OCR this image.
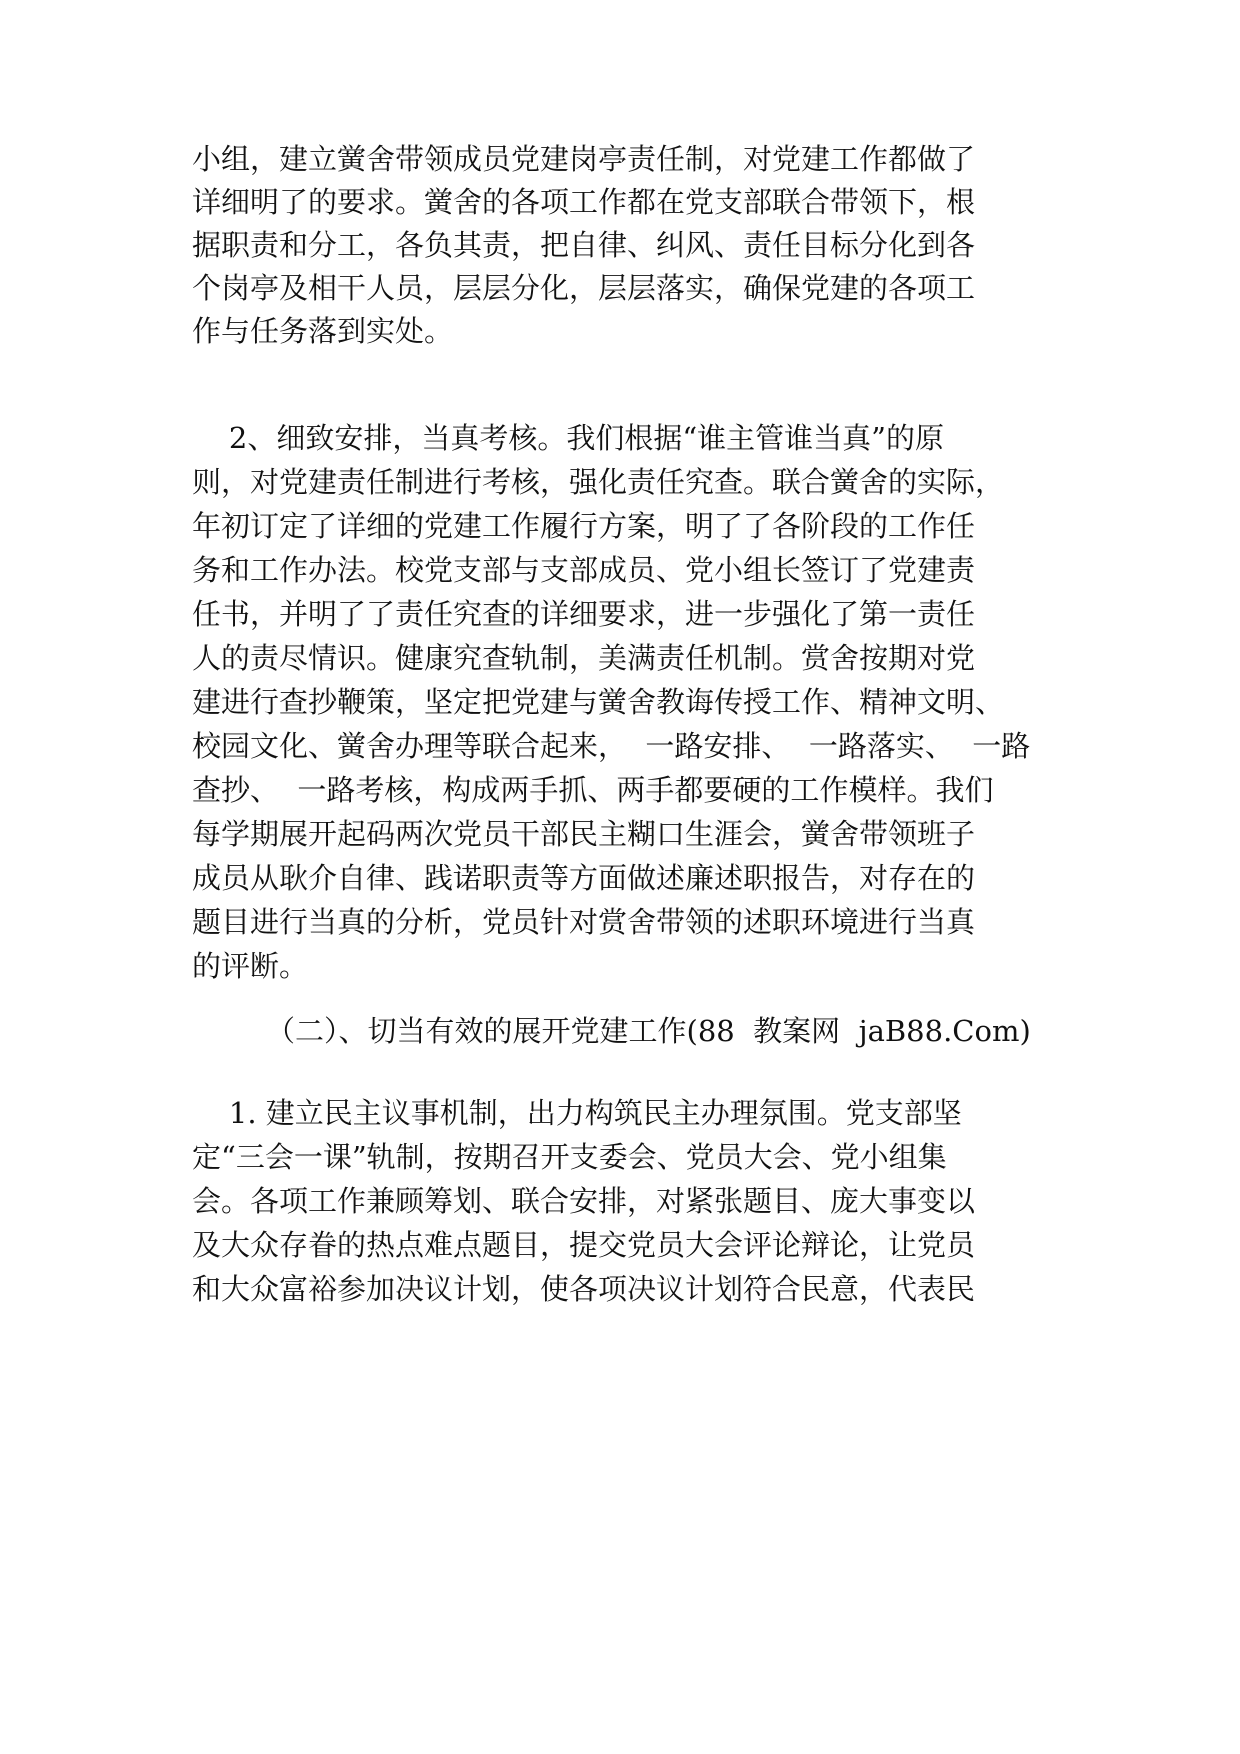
小组，建立黉舍带领成员党建岗亭责任制，对党建工作都做了
详细明了的要求。黉舍的各项工作都在党支部联合带领下，根
据职责和分工，各负其责，把自律、纠风、责任目标分化到各
个岗亭及相干人员，层层分化，层层落实，确保党建的各项工
作与任务落到实处。
2、细致安排，当真考核。我们根据“谁主管谁当真”的原
则，对党建责任制进行考核，强化责任究查。联合黉舍的实际，
年初订定了详细的党建工作履行方案，明了了各阶段的工作任
务和工作办法。校党支部与支部成员、党小组长签订了党建责
任书，并明了了责任究查的详细要求，进一步强化了第一责任
人的责尽情识。健康究查轨制，美满责任机制。赏舍按期对党
建进行查抄鞭策，坚定把党建与黉舍教诲传授工作、精神文明、
校园文化、黉舍办理等联合起来，  一路安排、  一路落实、  一路
查抄、  一路考核，构成两手抓、两手都要硬的工作模样。我们
每学期展开起码两次党员干部民主糊口生涯会，黉舍带领班子
成员从耿介自律、践诺职责等方面做述廉述职报告，对存在的
题目进行当真的分析，党员针对赏舍带领的述职环境进行当真
的评断。
（二）、切当有效的展开党建工作(88  教案网  jaB88.Com)
1. 建立民主议事机制，出力构筑民主办理氛围。党支部坚
定“三会一课”轨制，按期召开支委会、党员大会、党小组集
会。各项工作兼顾筹划、联合安排，对紧张题目、庞大事变以
及大众存眷的热点难点题目，提交党员大会评论辩论，让党员
和大众富裕参加决议计划，使各项决议计划符合民意，代表民
